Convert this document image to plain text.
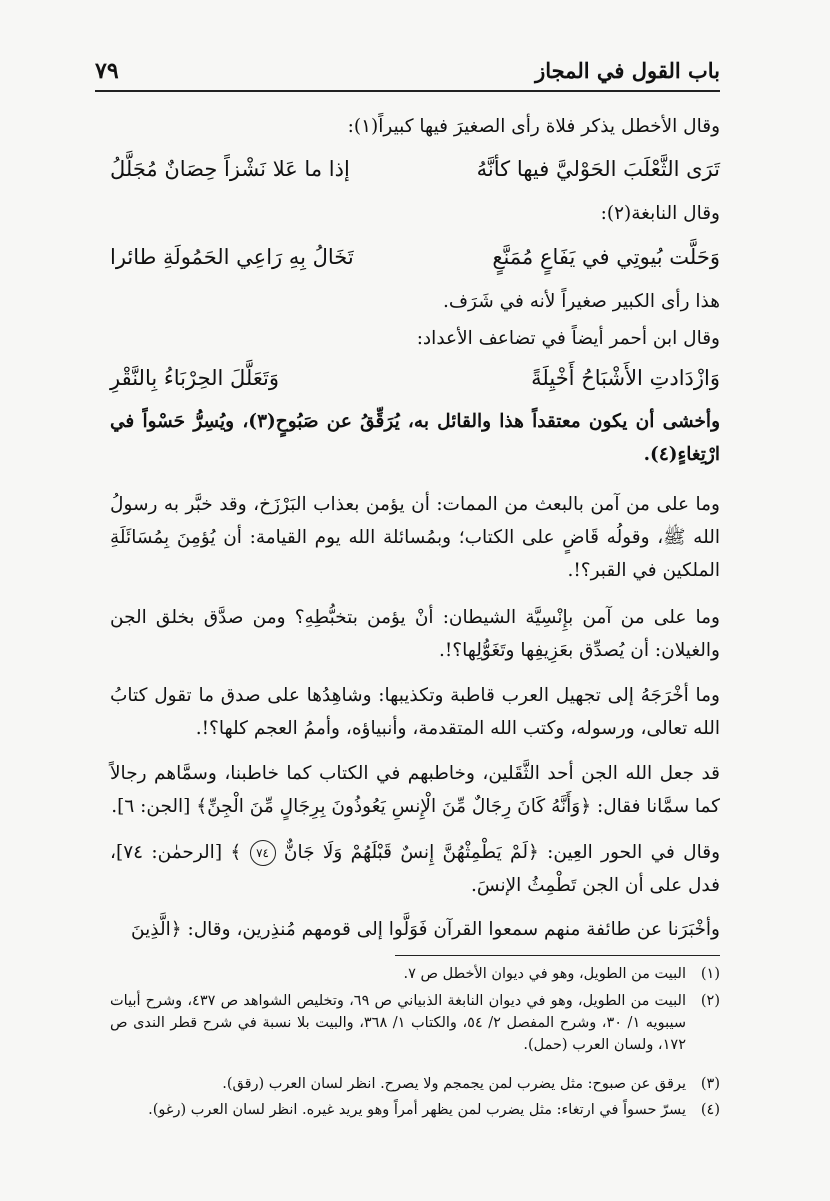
باب القول في المجاز
٧٩
وقال الأخطل يذكر فلاة رأى الصغيرَ فيها كبيراً(١):
تَرَى الثَّعْلَبَ الحَوْليَّ فيها كأنَّهُ
إذا ما عَلا نَشْزاً حِصَانٌ مُجَلَّلُ
وقال النابغة(٢):
وَحَلَّت بُيوتِي في يَفَاعٍ مُمَنَّعٍ
تَخَالُ بِهِ رَاعِي الحَمُولَةِ طائرا
هذا رأى الكبير صغيراً لأنه في شَرَف.
وقال ابن أحمر أيضاً في تضاعف الأعداد:
وَازْدَادتِ الأَشْبَاحُ أَخْيِلَةً
وَتَعَلَّلَ الحِرْبَاءُ بِالنَّقْرِ
وأخشى أن يكون معتقداً هذا والقائل به، يُرَقِّقُ عن صَبُوحٍ(٣)، ويُسِرُّ حَسْواً في ارْتِغاءٍ(٤).
وما على من آمن بالبعث من الممات: أن يؤمن بعذاب البَرْزَخ، وقد خبَّر به رسولُ الله ﷺ، وقولُه قَاضٍ على الكتاب؛ وبمُسائلة الله يوم القيامة: أن يُؤمِنَ بِمُسَائَلَةِ الملكين في القبر؟!.
وما على من آمن بإِنْسِيَّة الشيطان: أنْ يؤمن بتخبُّطِهِ؟ ومن صدَّق بخلق الجن والغيلان: أن يُصدِّق بعَزِيفِها وتَغَوُّلِها؟!.
وما أخْرَجَهُ إلى تجهيل العرب قاطبة وتكذيبها: وشاهِدُها على صدق ما تقول كتابُ الله تعالى، ورسوله، وكتب الله المتقدمة، وأنبياؤه، وأممُ العجم كلها؟!.
قد جعل الله الجن أحد الثَّقَلين، وخاطبهم في الكتاب كما خاطبنا، وسمَّاهم رجالاً كما سمَّانا فقال: ﴿وَأَنَّهُ كَانَ رِجَالٌ مِّنَ الْإِنسِ يَعُوذُونَ بِرِجَالٍ مِّنَ الْجِنِّ﴾ [الجن: ٦].
وقال في الحور العِين: ﴿لَمْ يَطْمِثْهُنَّ إِنسٌ قَبْلَهُمْ وَلَا جَانٌّ ٧٤ ﴾ [الرحمٰن: ٧٤]، فدل على أن الجن تَطْمِثُ الإنسَ.
وأخْبَرَنا عن طائفة منهم سمعوا القرآن فَوَلَّوا إلى قومهم مُنذِرين، وقال: ﴿الَّذِينَ
(١)
البيت من الطويل، وهو في ديوان الأخطل ص ٧.
(٢)
البيت من الطويل، وهو في ديوان النابغة الذبياني ص ٦٩، وتخليص الشواهد ص ٤٣٧، وشرح أبيات سيبويه ١/ ٣٠، وشرح المفصل ٢/ ٥٤، والكتاب ١/ ٣٦٨، والبيت بلا نسبة في شرح قطر الندى ص ١٧٢، ولسان العرب (حمل).
(٣)
يرقق عن صبوح: مثل يضرب لمن يجمجم ولا يصرح. انظر لسان العرب (رقق).
(٤)
يسرّ حسواً في ارتغاء: مثل يضرب لمن يظهر أمراً وهو يريد غيره. انظر لسان العرب (رغو).
